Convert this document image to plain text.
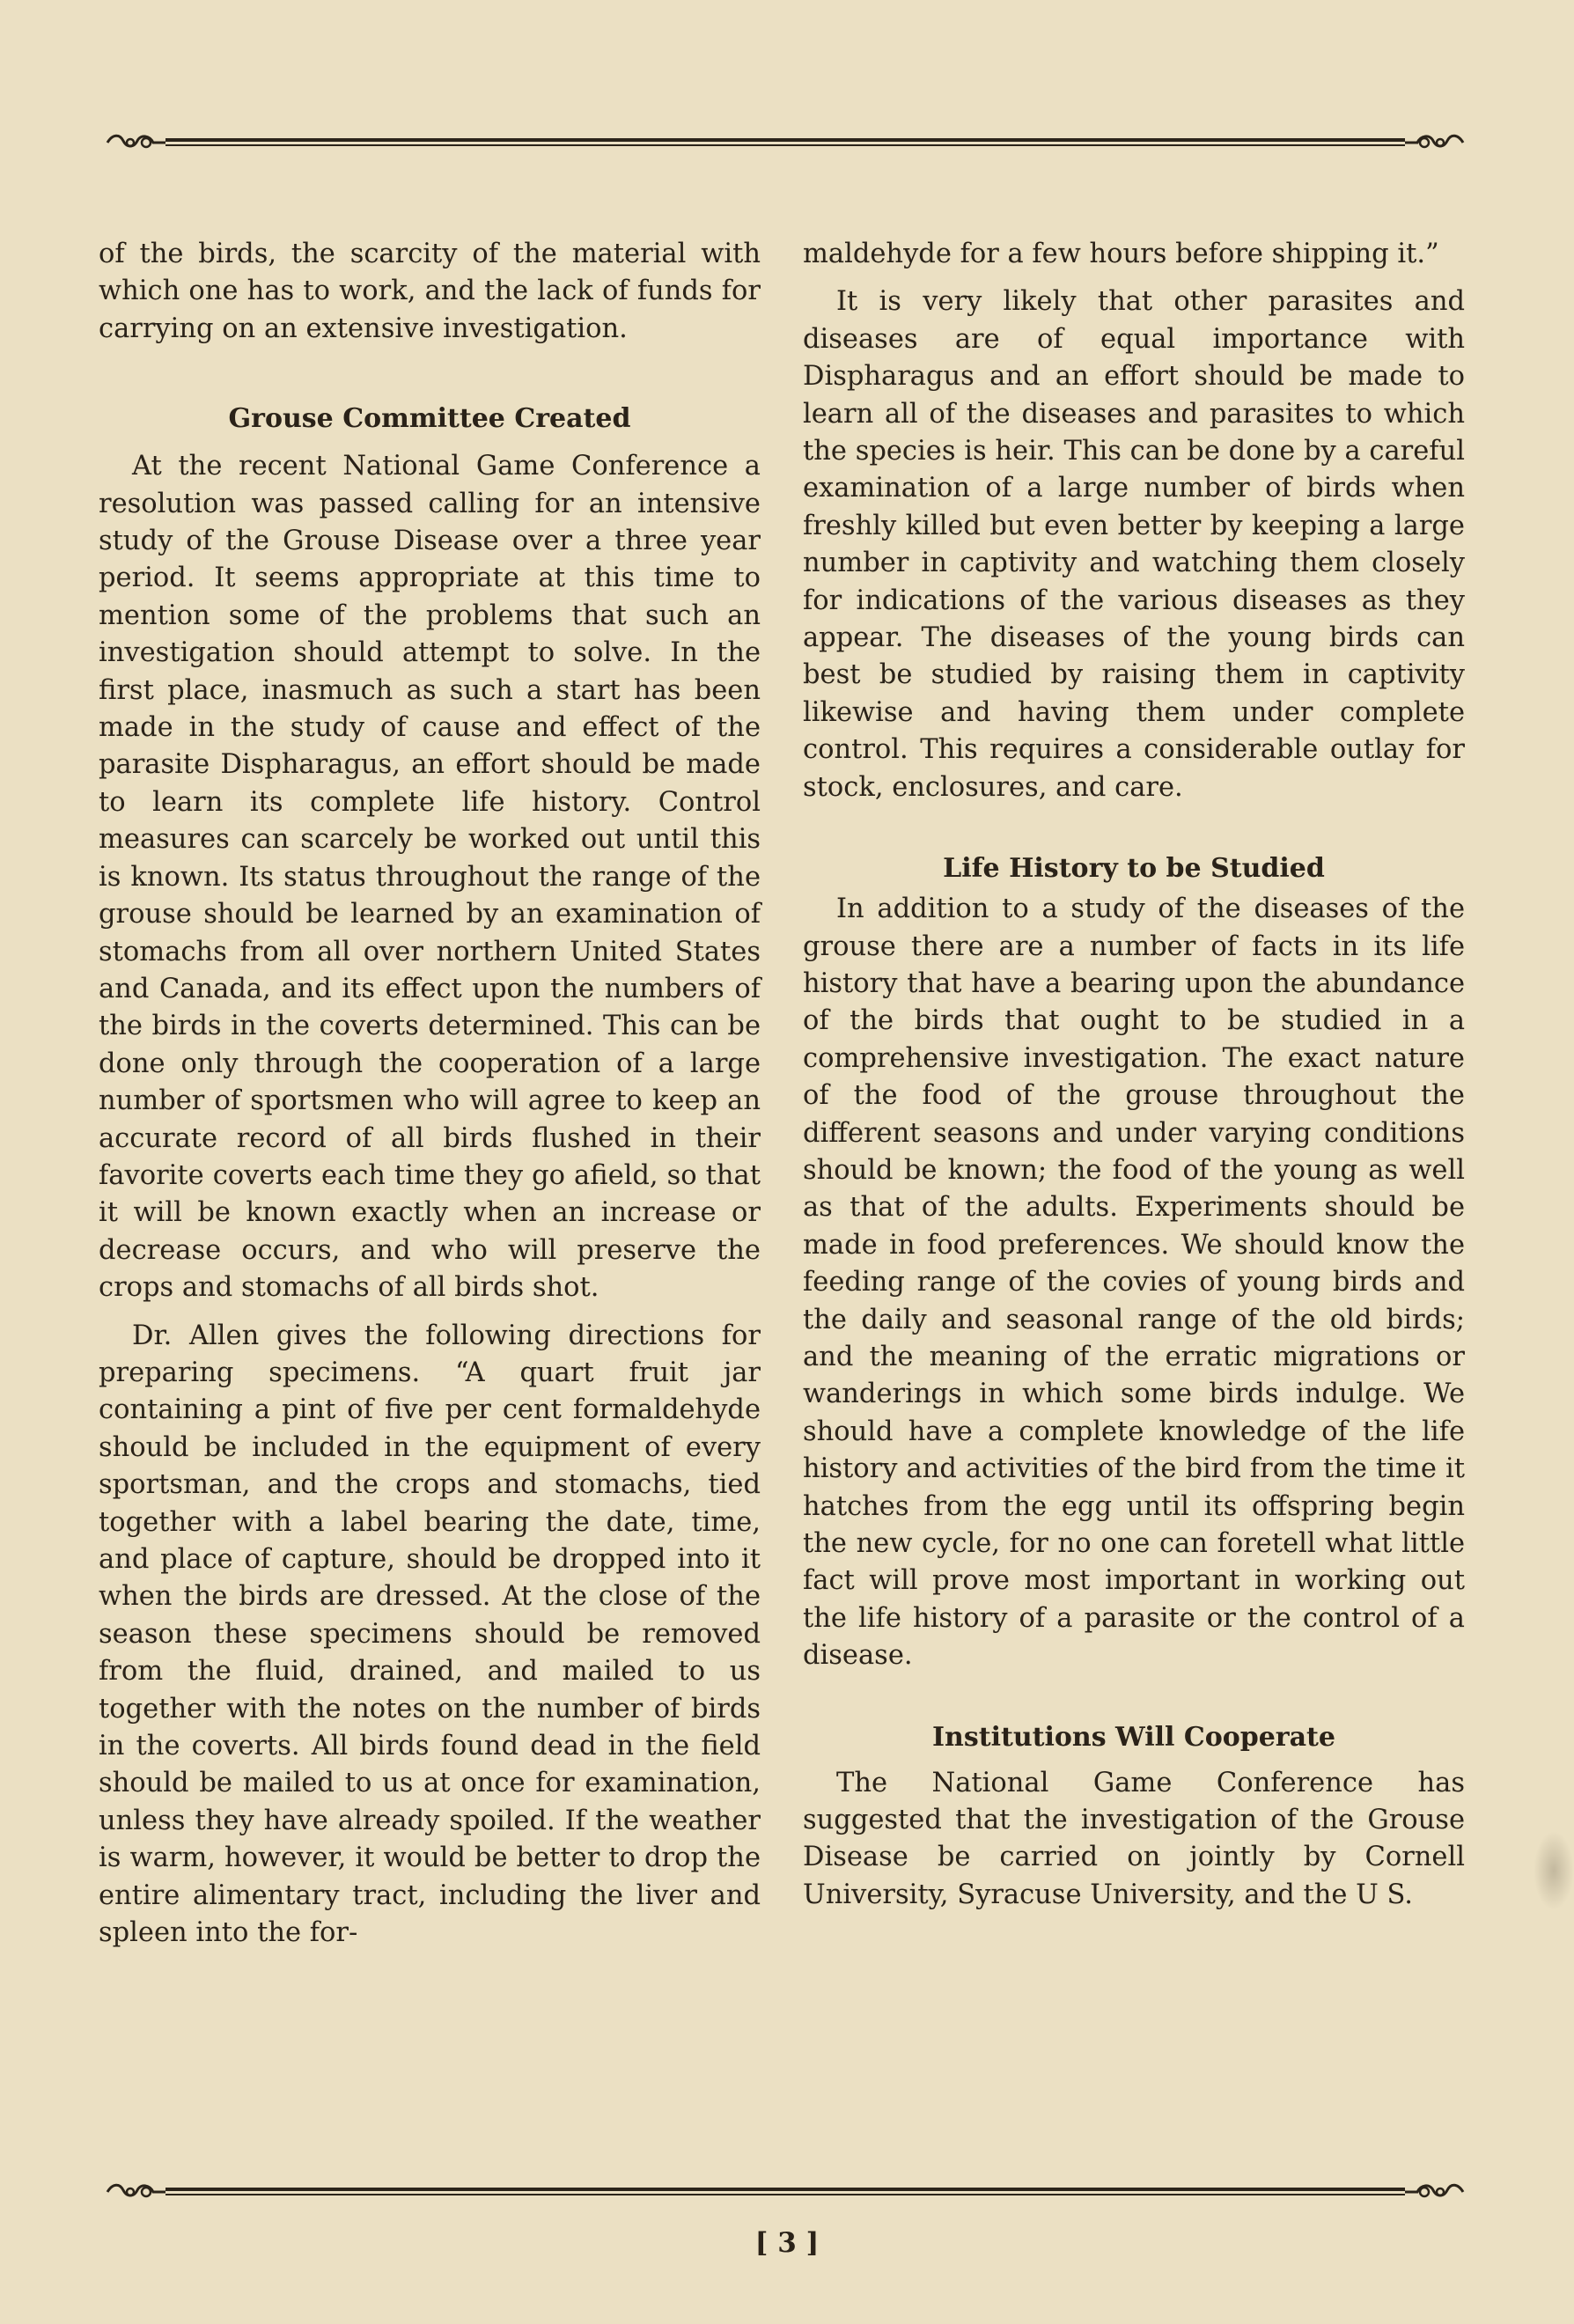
of the birds, the scarcity of the material with which one has to work, and the lack of funds for carrying on an extensive investigation.

Grouse Committee Created

At the recent National Game Conference a resolution was passed calling for an intensive study of the Grouse Disease over a three year period. It seems appropriate at this time to mention some of the problems that such an investigation should attempt to solve. In the first place, inasmuch as such a start has been made in the study of cause and effect of the parasite Dispharagus, an effort should be made to learn its complete life history. Control measures can scarcely be worked out until this is known. Its status throughout the range of the grouse should be learned by an examination of stomachs from all over northern United States and Canada, and its effect upon the numbers of the birds in the coverts determined. This can be done only through the cooperation of a large number of sportsmen who will agree to keep an accurate record of all birds flushed in their favorite coverts each time they go afield, so that it will be known exactly when an increase or decrease occurs, and who will preserve the crops and stomachs of all birds shot.

Dr. Allen gives the following directions for preparing specimens. “A quart fruit jar containing a pint of five per cent formaldehyde should be included in the equipment of every sportsman, and the crops and stomachs, tied together with a label bearing the date, time, and place of capture, should be dropped into it when the birds are dressed. At the close of the season these specimens should be removed from the fluid, drained, and mailed to us together with the notes on the number of birds in the coverts. All birds found dead in the field should be mailed to us at once for examination, unless they have already spoiled. If the weather is warm, however, it would be better to drop the entire alimentary tract, including the liver and spleen into the for-

maldehyde for a few hours before shipping it.”

It is very likely that other parasites and diseases are of equal importance with Dispharagus and an effort should be made to learn all of the diseases and parasites to which the species is heir. This can be done by a careful examination of a large number of birds when freshly killed but even better by keeping a large number in captivity and watching them closely for indications of the various diseases as they appear. The diseases of the young birds can best be studied by raising them in captivity likewise and having them under complete control. This requires a considerable outlay for stock, enclosures, and care.

Life History to be Studied

In addition to a study of the diseases of the grouse there are a number of facts in its life history that have a bearing upon the abundance of the birds that ought to be studied in a comprehensive investigation. The exact nature of the food of the grouse throughout the different seasons and under varying conditions should be known; the food of the young as well as that of the adults. Experiments should be made in food preferences. We should know the feeding range of the covies of young birds and the daily and seasonal range of the old birds; and the meaning of the erratic migrations or wanderings in which some birds indulge. We should have a complete knowledge of the life history and activities of the bird from the time it hatches from the egg until its offspring begin the new cycle, for no one can foretell what little fact will prove most important in working out the life history of a parasite or the control of a disease.

Institutions Will Cooperate

The National Game Conference has suggested that the investigation of the Grouse Disease be carried on jointly by Cornell University, Syracuse University, and the U S.

[ 3 ]
